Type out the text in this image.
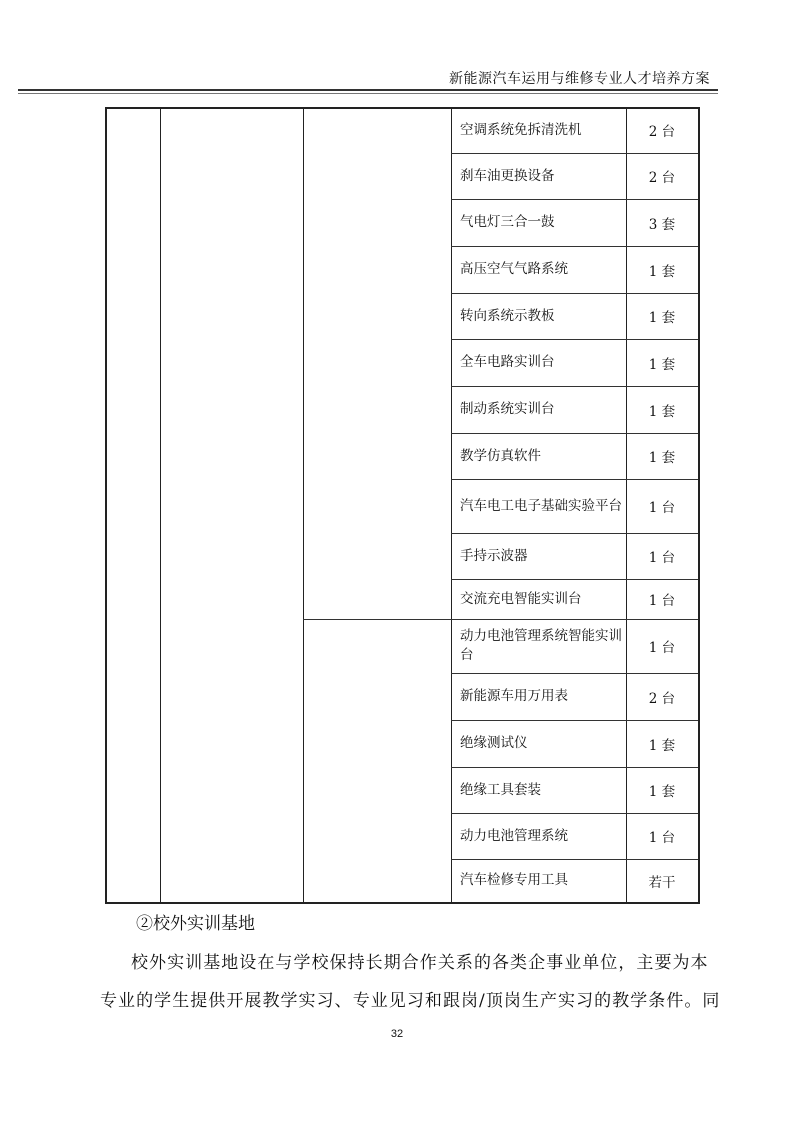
新能源汽车运用与维修专业人才培养方案
空调系统免拆清洗机	2 台
刹车油更换设备	2 台
气电灯三合一鼓	3 套
高压空气气路系统	1 套
转向系统示教板	1 套
全车电路实训台	1 套
制动系统实训台	1 套
教学仿真软件	1 套
汽车电工电子基础实验平台	1 台
手持示波器	1 台
交流充电智能实训台	1 台
动力电池管理系统智能实训台	1 台
新能源车用万用表	2 台
绝缘测试仪	1 套
绝缘工具套装	1 套
动力电池管理系统	1 台
汽车检修专用工具	若干
②校外实训基地
校外实训基地设在与学校保持长期合作关系的各类企事业单位，主要为本
专业的学生提供开展教学实习、专业见习和跟岗/顶岗生产实习的教学条件。同
32
